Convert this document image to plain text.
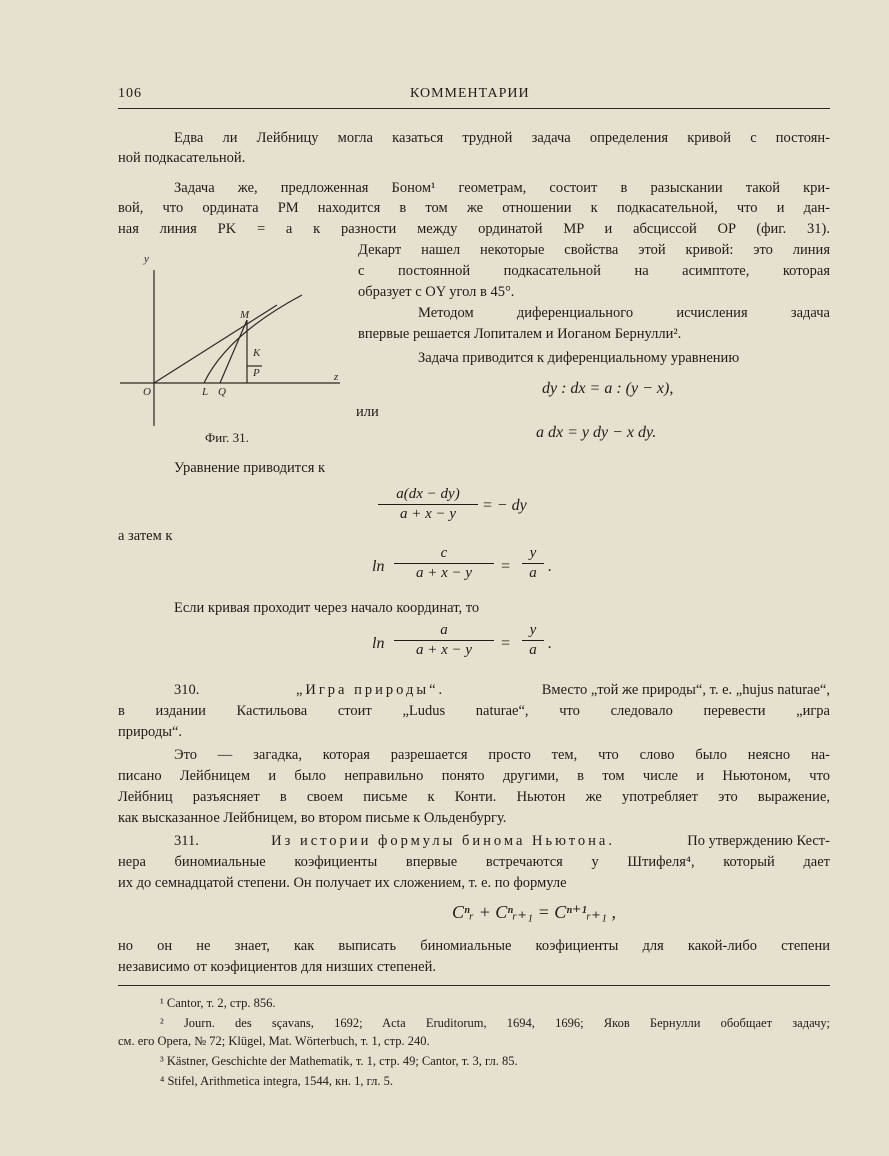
106	КОММЕНТАРИИ
Едва ли Лейбницу могла казаться трудной задача определения кривой с постоян-
ной подкасательной.
Задача же, предложенная Боном¹ геометрам, состоит в разыскании такой кри-
вой, что ордината PM находится в том же отношении к подкасательной, что и дан-
ная линия PK = a к разности между ординатой MP и абсциссой OP (фиг. 31).
Декарт нашел некоторые свойства этой кривой: это линия
с постоянной подкасательной на асимптоте, которая
образует с OY угол в 45°.
Методом диференциального исчисления задача
впервые решается Лопиталем и Иоганом Бернулли².
Задача приводится к диференциальному уравнению
y
M
K
P
O	L Q
z
Фиг. 31.
dy : dx = a : (y − x),
или
a dx = y dy − x dy.
Уравнение приводится к
$\frac{a(dx - dy)}{a + x - y}$ = − dy
а затем к
$\ln \frac{c}{a + x - y} = \frac{y}{a}$ .
Если кривая проходит через начало координат, то
$\ln \frac{a}{a + x - y} = \frac{y}{a}$ .
310.	„Игра природы“.	Вместо „той же природы“, т. е. „hujus naturae“,
в издании Кастильова стоит „Ludus naturae“, что следовало перевести „игра
природы“.
Это — загадка, которая разрешается просто тем, что слово было неясно на-
писано Лейбницем и было неправильно понято другими, в том числе и Ньютоном, что
Лейбниц разъясняет в своем письме к Конти. Ньютон же употребляет это выражение,
как высказанное Лейбницем, во втором письме к Ольденбургу.
311.	Из истории формулы бинома Ньютона.	По утверждению Кест-
нера биномиальные коэфициенты впервые встречаются у Штифеля⁴, который дает
их до семнадцатой степени. Он получает их сложением, т. е. по формуле
Cⁿᵣ + Cⁿᵣ₊₁ = Cⁿ⁺¹ᵣ₊₁ ,
но он не знает, как выписать биномиальные коэфициенты для какой-либо степени
независимо от коэфициентов для низших степеней.
¹ Cantor, т. 2, стр. 856.
² Journ. des sçavans, 1692; Acta Eruditorum, 1694, 1696; Яков Бернулли обобщает задачу;
см. его Opera, № 72; Klügel, Mat. Wörterbuch, т. 1, стр. 240.
³ Kästner, Geschichte der Mathematik, т. 1, стр. 49; Cantor, т. 3, гл. 85.
⁴ Stifel, Arithmetica integra, 1544, кн. 1, гл. 5.
